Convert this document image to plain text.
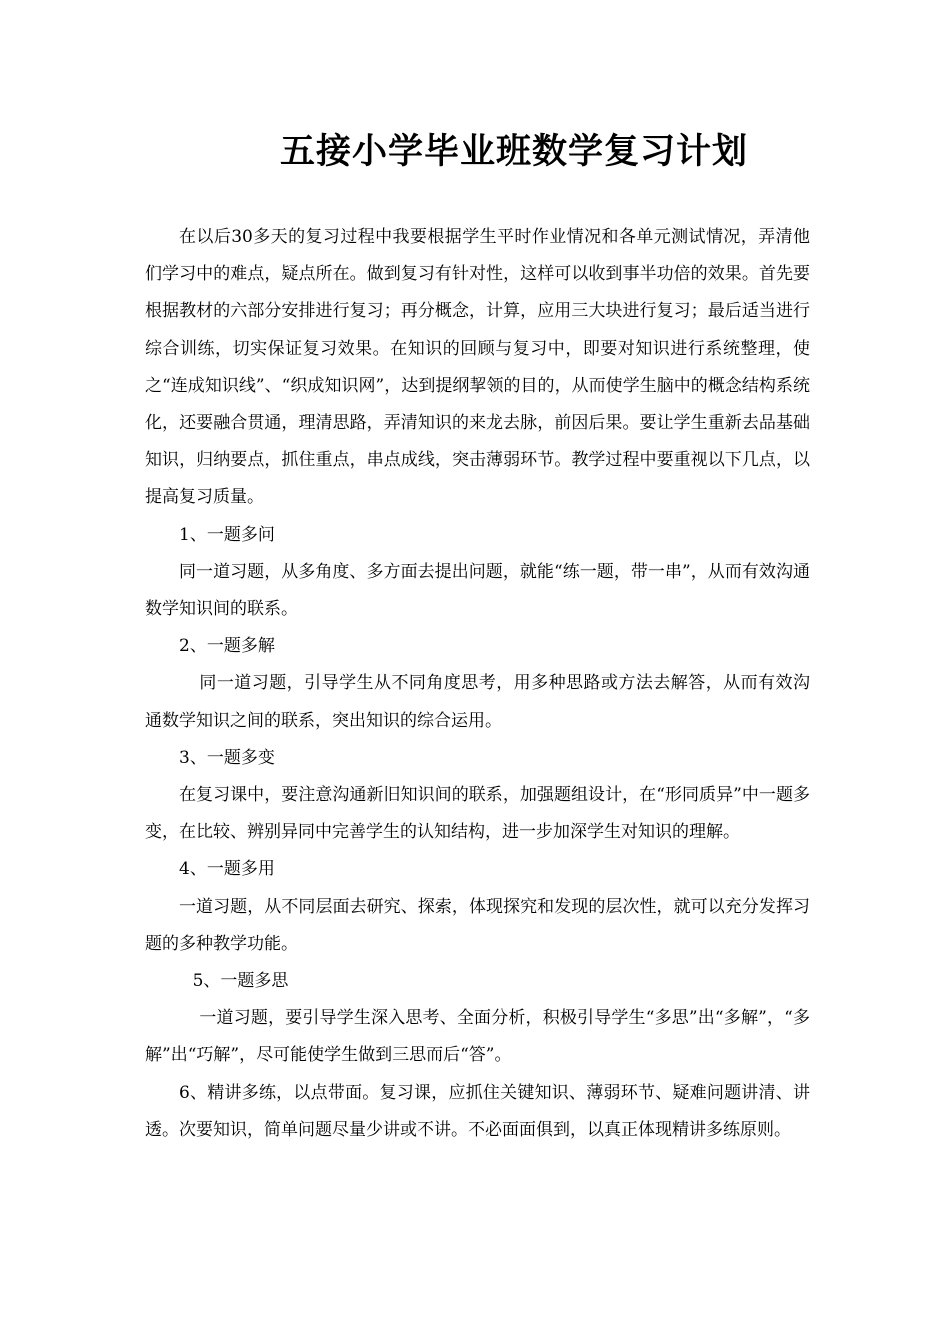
五接小学毕业班数学复习计划

在以后30多天的复习过程中我要根据学生平时作业情况和各单元测试情况，弄清他们学习中的难点，疑点所在。做到复习有针对性，这样可以收到事半功倍的效果。首先要根据教材的六部分安排进行复习；再分概念，计算，应用三大块进行复习；最后适当进行综合训练，切实保证复习效果。在知识的回顾与复习中，即要对知识进行系统整理，使之“连成知识线”、“织成知识网”，达到提纲挈领的目的，从而使学生脑中的概念结构系统化，还要融合贯通，理清思路，弄清知识的来龙去脉，前因后果。要让学生重新去品基础知识，归纳要点，抓住重点，串点成线，突击薄弱环节。教学过程中要重视以下几点，以提高复习质量。

1、一题多问

同一道习题，从多角度、多方面去提出问题，就能“练一题，带一串”，从而有效沟通数学知识间的联系。

2、一题多解

同一道习题，引导学生从不同角度思考，用多种思路或方法去解答，从而有效沟通数学知识之间的联系，突出知识的综合运用。

3、一题多变

在复习课中，要注意沟通新旧知识间的联系，加强题组设计，在“形同质异”中一题多变，在比较、辨别异同中完善学生的认知结构，进一步加深学生对知识的理解。

4、一题多用

一道习题，从不同层面去研究、探索，体现探究和发现的层次性，就可以充分发挥习题的多种教学功能。

5、一题多思

一道习题，要引导学生深入思考、全面分析，积极引导学生“多思”出“多解”，“多解”出“巧解”，尽可能使学生做到三思而后“答”。

6、精讲多练，以点带面。复习课，应抓住关键知识、薄弱环节、疑难问题讲清、讲透。次要知识，简单问题尽量少讲或不讲。不必面面俱到，以真正体现精讲多练原则。
